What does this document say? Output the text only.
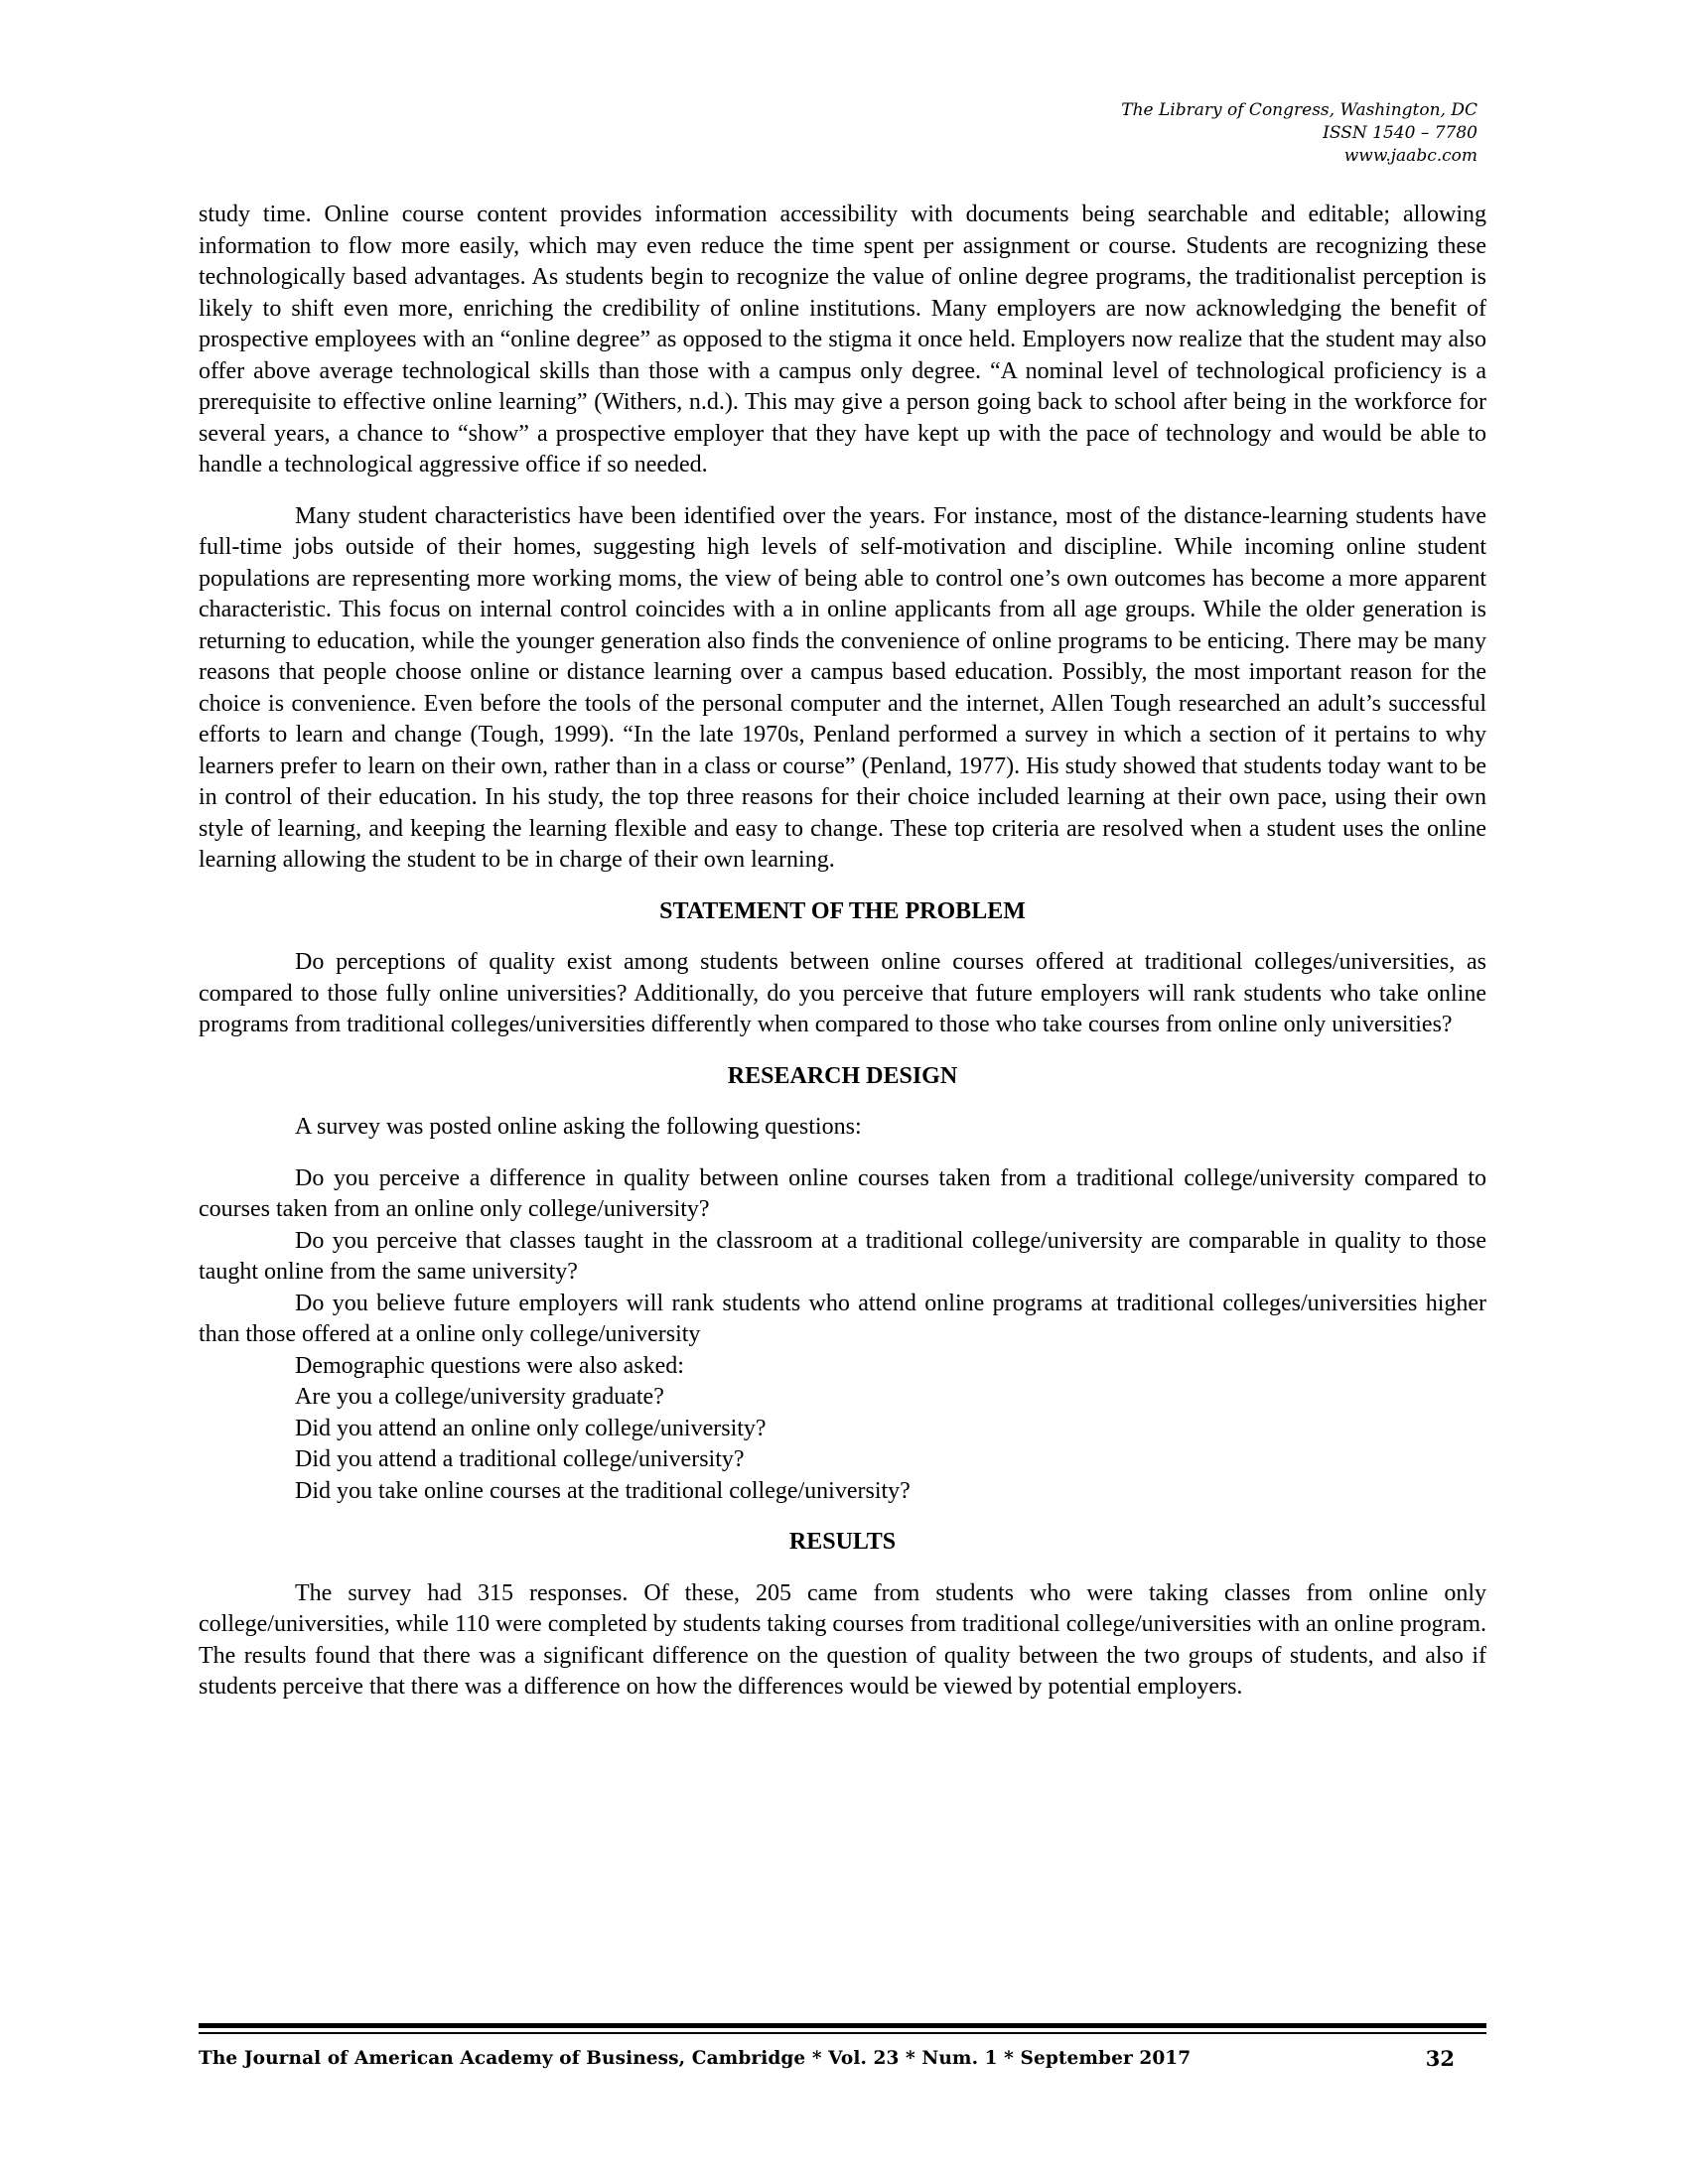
The Library of Congress, Washington, DC
ISSN 1540 – 7780
www.jaabc.com

study time. Online course content provides information accessibility with documents being searchable and editable; allowing information to flow more easily, which may even reduce the time spent per assignment or course. Students are recognizing these technologically based advantages. As students begin to recognize the value of online degree programs, the traditionalist perception is likely to shift even more, enriching the credibility of online institutions. Many employers are now acknowledging the benefit of prospective employees with an “online degree” as opposed to the stigma it once held. Employers now realize that the student may also offer above average technological skills than those with a campus only degree. “A nominal level of technological proficiency is a prerequisite to effective online learning” (Withers, n.d.). This may give a person going back to school after being in the workforce for several years, a chance to “show” a prospective employer that they have kept up with the pace of technology and would be able to handle a technological aggressive office if so needed.

Many student characteristics have been identified over the years. For instance, most of the distance-learning students have full-time jobs outside of their homes, suggesting high levels of self-motivation and discipline. While incoming online student populations are representing more working moms, the view of being able to control one’s own outcomes has become a more apparent characteristic. This focus on internal control coincides with a in online applicants from all age groups. While the older generation is returning to education, while the younger generation also finds the convenience of online programs to be enticing. There may be many reasons that people choose online or distance learning over a campus based education. Possibly, the most important reason for the choice is convenience. Even before the tools of the personal computer and the internet, Allen Tough researched an adult’s successful efforts to learn and change (Tough, 1999). “In the late 1970s, Penland performed a survey in which a section of it pertains to why learners prefer to learn on their own, rather than in a class or course” (Penland, 1977). His study showed that students today want to be in control of their education. In his study, the top three reasons for their choice included learning at their own pace, using their own style of learning, and keeping the learning flexible and easy to change. These top criteria are resolved when a student uses the online learning allowing the student to be in charge of their own learning.

STATEMENT OF THE PROBLEM

Do perceptions of quality exist among students between online courses offered at traditional colleges/universities, as compared to those fully online universities? Additionally, do you perceive that future employers will rank students who take online programs from traditional colleges/universities differently when compared to those who take courses from online only universities?

RESEARCH DESIGN

A survey was posted online asking the following questions:

Do you perceive a difference in quality between online courses taken from a traditional college/university compared to courses taken from an online only college/university?

Do you perceive that classes taught in the classroom at a traditional college/university are comparable in quality to those taught online from the same university?

Do you believe future employers will rank students who attend online programs at traditional colleges/universities higher than those offered at a online only college/university

Demographic questions were also asked:

Are you a college/university graduate?

Did you attend an online only college/university?

Did you attend a traditional college/university?

Did you take online courses at the traditional college/university?

RESULTS

The survey had 315 responses. Of these, 205 came from students who were taking classes from online only college/universities, while 110 were completed by students taking courses from traditional college/universities with an online program. The results found that there was a significant difference on the question of quality between the two groups of students, and also if students perceive that there was a difference on how the differences would be viewed by potential employers.

The Journal of American Academy of Business, Cambridge * Vol. 23 * Num. 1 * September 2017	32
